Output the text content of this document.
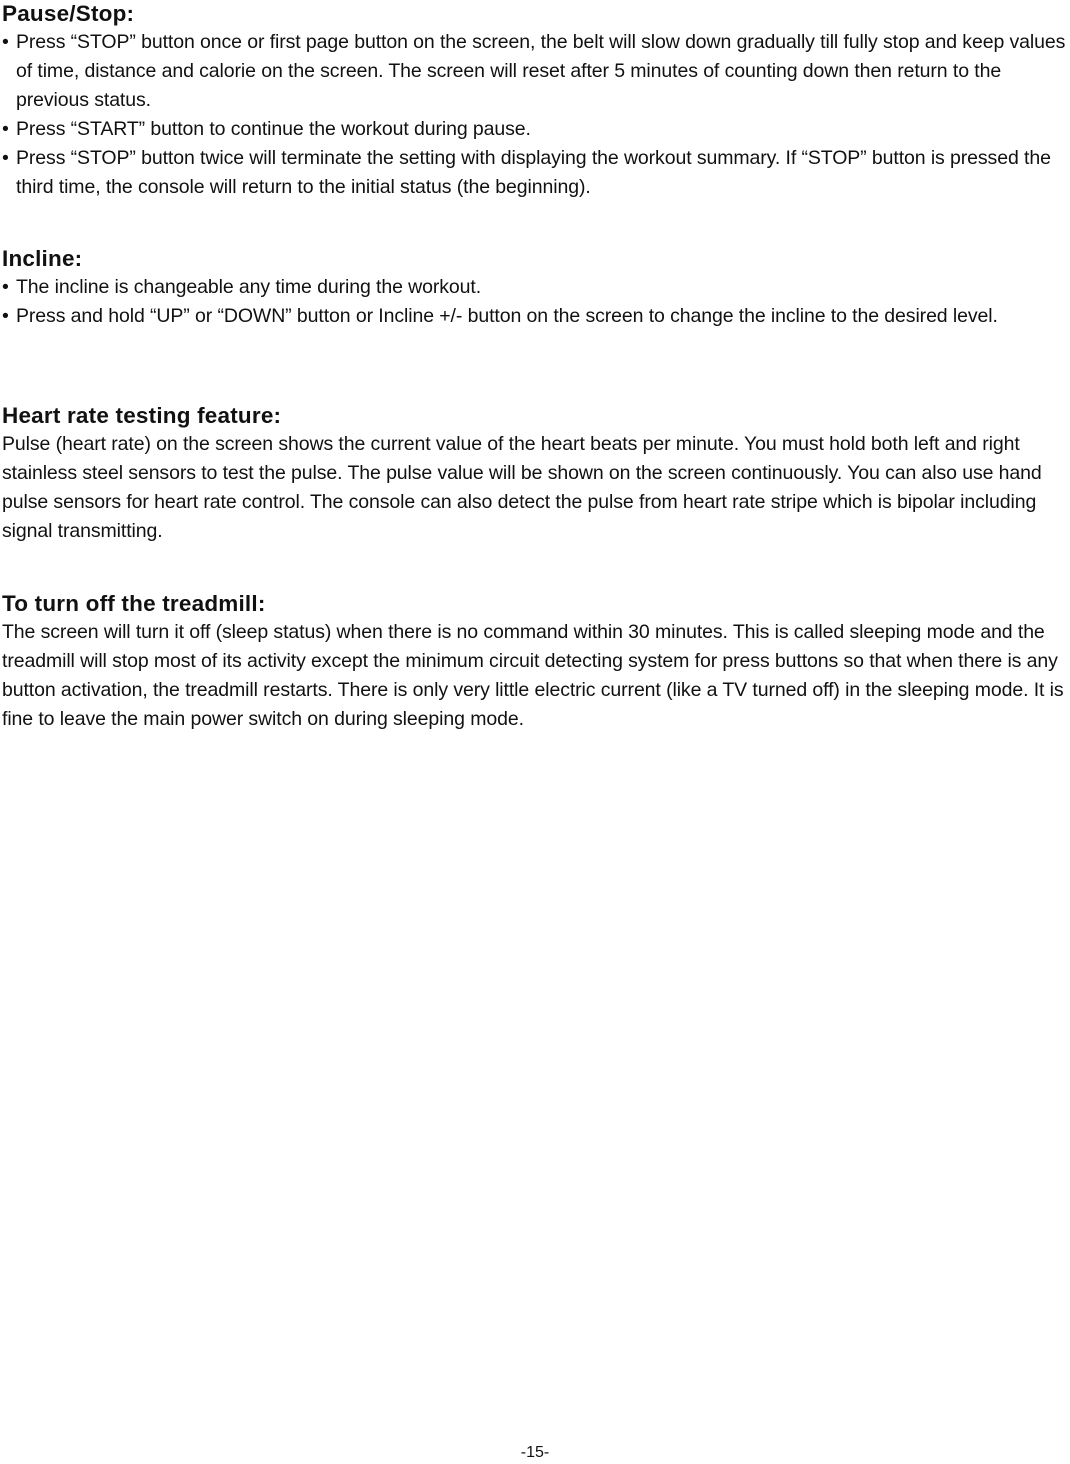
Pause/Stop:

• Press “STOP” button once or first page button on the screen, the belt will slow down gradually till fully stop and keep values of time, distance and calorie on the screen. The screen will reset after 5 minutes of counting down then return to the previous status.

• Press “START” button to continue the workout during pause.

• Press “STOP” button twice will terminate the setting with displaying the workout summary. If “STOP” button is pressed the third time, the console will return to the initial status (the beginning).

Incline:

• The incline is changeable any time during the workout.

• Press and hold “UP” or “DOWN” button or Incline +/- button on the screen to change the incline to the desired level.

Heart rate testing feature:

Pulse (heart rate) on the screen shows the current value of the heart beats per minute. You must hold both left and right stainless steel sensors to test the pulse. The pulse value will be shown on the screen continuously. You can also use hand pulse sensors for heart rate control. The console can also detect the pulse from heart rate stripe which is bipolar including signal transmitting.

To turn off the treadmill:

The screen will turn it off (sleep status) when there is no command within 30 minutes. This is called sleeping mode and the treadmill will stop most of its activity except the minimum circuit detecting system for press buttons so that when there is any button activation, the treadmill restarts. There is only very little electric current (like a TV turned off) in the sleeping mode. It is fine to leave the main power switch on during sleeping mode.

-15-
